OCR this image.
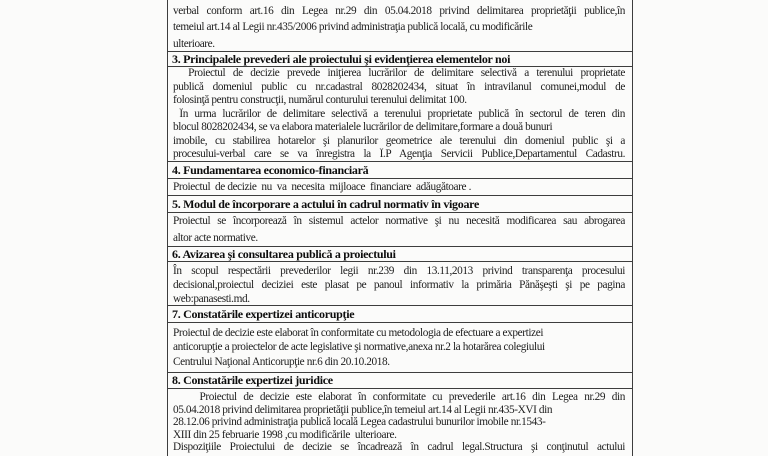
verbal conform art.16 din Legea nr.29 din 05.04.2018 privind delimitarea proprietăţii publice,în
temeiul art.14 al Legii nr.435/2006 privind administraţia publică locală, cu modificările
ulterioare.
3. Principalele prevederi ale proiectului şi evidenţierea elementelor noi
Proiectul de decizie prevede iniţierea lucrărilor de delimitare selectivă a terenului proprietate
publică domeniul public cu nr.cadastral 8028202434, situat în intravilanul comunei,modul de
folosinţă pentru construcţii, numărul conturului terenului delimitat 100.
În urma lucrărilor de delimitare selectivă a terenului proprietate publică în sectorul de teren din
blocul 8028202434, se va elabora materialele lucrărilor de delimitare,formare a două bunuri
imobile, cu stabilirea hotarelor şi planurilor geometrice ale terenului din domeniul public şi a
procesului-verbal care se va înregistra la Î.P Agenţia Servicii Publice,Departamentul Cadastru.
4. Fundamentarea economico-financiară
Proiectul  de decizie  nu  va  necesita  mijloace  financiare  adăugătoare .
5. Modul de încorporare a actului în cadrul normativ în vigoare
Proiectul se încorporează în sistemul actelor normative şi nu necesită modificarea sau abrogarea
altor acte normative.
6. Avizarea şi consultarea publică a proiectului
În scopul respectării prevederilor legii nr.239 din 13.11,2013 privind transparenţa procesului
decisional,proiectul deciziei este plasat pe panoul informativ la primăria Pănăşeşti şi pe pagina
web:panasesti.md.
7. Constatările expertizei anticorupţie
Proiectul de decizie este elaborat în conformitate cu metodologia de efectuare a expertizei
anticorupţie a proiectelor de acte legislative şi normative,anexa nr.2 la hotarărea colegiului
Centrului Naţional Anticorupţie nr.6 din 20.10.2018.
8. Constatările expertizei juridice
Proiectul de decizie este elaborat în conformitate cu prevederile art.16 din Legea nr.29 din
05.04.2018 privind delimitarea proprietăţii publice,în temeiul art.14 al Legii nr.435-XVI din
28.12.06 privind administraţia publică locală Legea cadastrului bunurilor imobile nr.1543-
XIII din 25 februarie 1998 ,cu modificările  ulterioare.
Dispoziţiile Proiectului de decizie se încadrează în cadrul legal.Structura şi conţinutul actului
